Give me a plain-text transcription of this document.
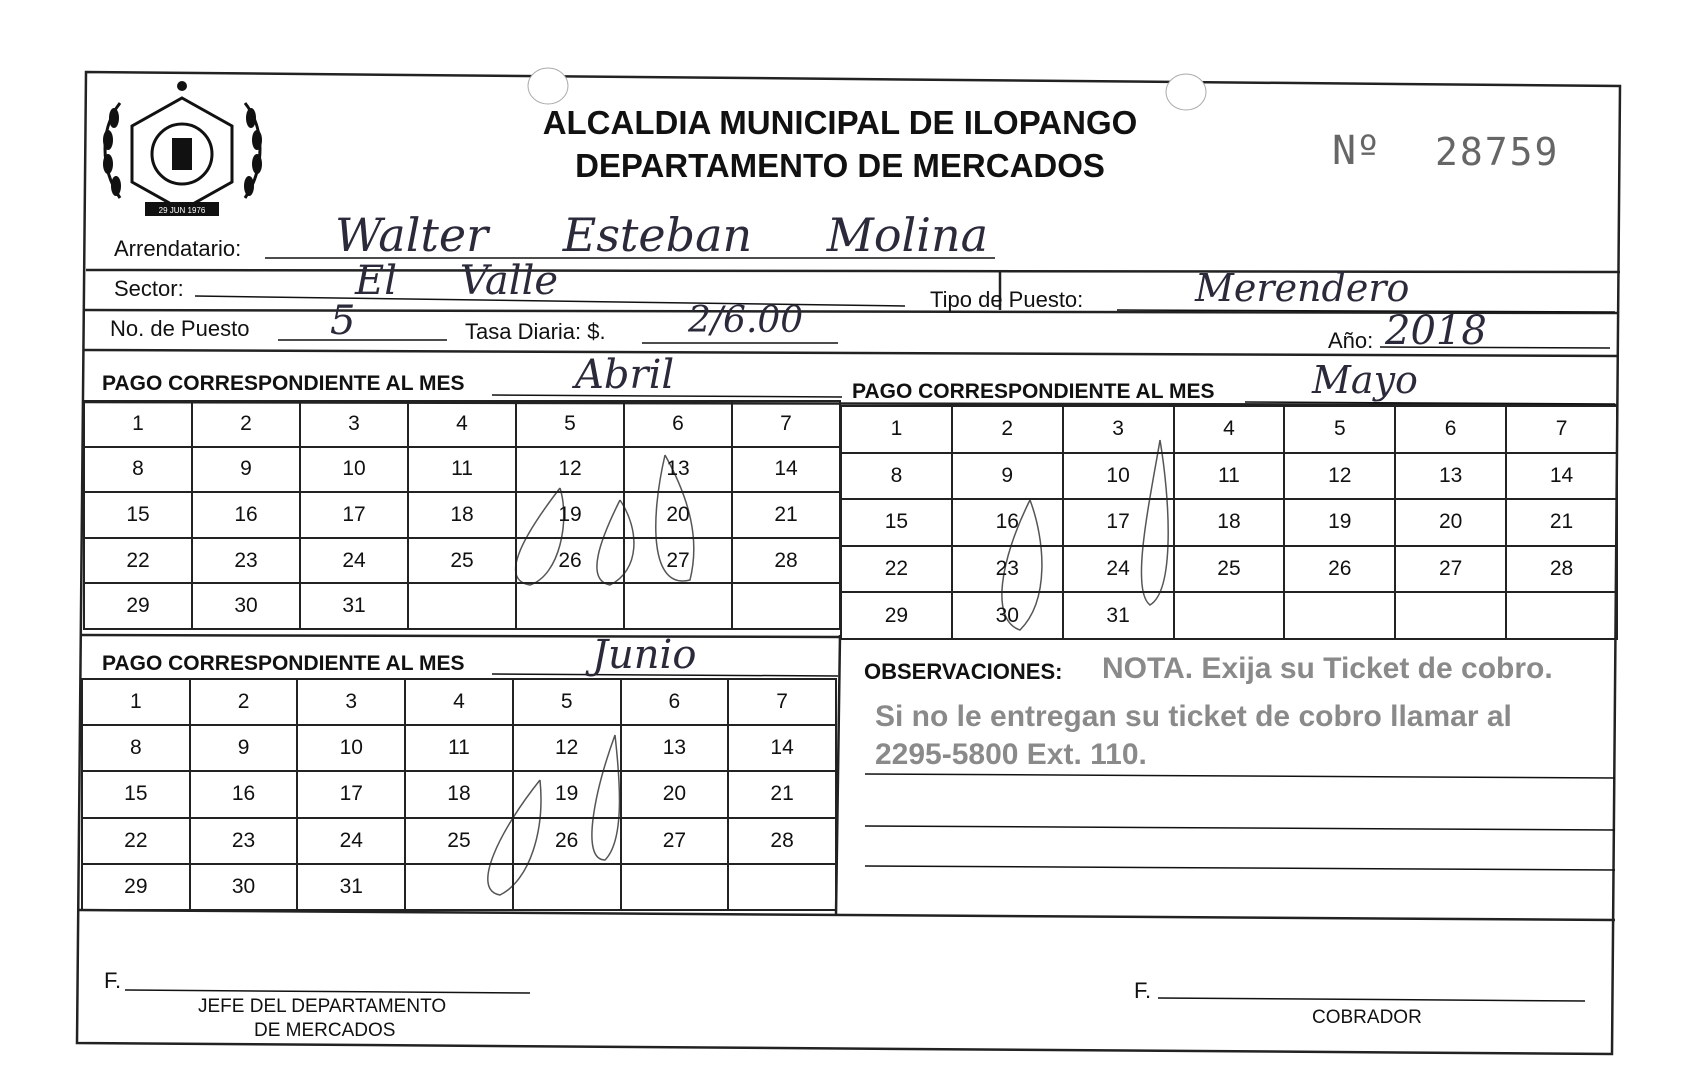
29 JUN 1976
ALCALDIA MUNICIPAL DE ILOPANGO
DEPARTAMENTO DE MERCADOS	Nº 28759
Arrendatario: Walter Esteban Molina
Sector:	El Valle	Tipo de Puesto:	Merendero
No. de Puesto 5	Tasa Diaria: $. 2/6.00	Año: 2018
PAGO CORRESPONDIENTE AL MES	Abril	PAGO CORRESPONDIENTE AL MES	Mayo
PAGO CORRESPONDIENTE AL MES	Junio
1	2	3	4	5	6	7
8	9	10	11	12	13	14
15	16	17	18	19	20	21
22	23	24	25	26	27	28
29	30	31				
1	2	3	4	5	6	7
8	9	10	11	12	13	14
15	16	17	18	19	20	21
22	23	24	25	26	27	28
29	30	31				
1	2	3	4	5	6	7
8	9	10	11	12	13	14
15	16	17	18	19	20	21
22	23	24	25	26	27	28
29	30	31				
OBSERVACIONES: NOTA. Exija su Ticket de cobro.
Si no le entregan su ticket de cobro llamar al
2295-5800 Ext. 110.
F.
JEFE DEL DEPARTAMENTO
DE MERCADOS
F.
COBRADOR
